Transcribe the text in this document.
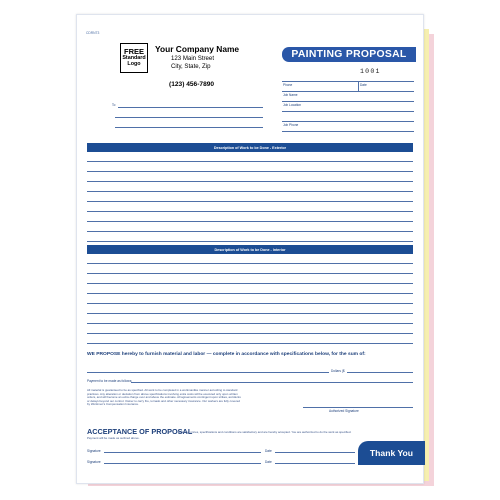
CDRNT3
FREE
Standard
Logo
Your Company Name
123 Main Street
City, State, Zip
(123) 456-7890
PAINTING PROPOSAL
1001
To
Phone	Date
Job Name
Job Location
Job Phone
Description of Work to be Done - Exterior
Description of Work to be Done - Interior
WE PROPOSE hereby to furnish material and labor — complete in accordance with specifications below, for the sum of:
Dollars ($
Payment to be made as follows:
All material is guaranteed to be as specified. All work to be completed in a workmanlike manner according to standard practices. Any alteration or deviation from above specifications involving extra costs will be executed only upon written orders, and will become an extra charge over and above the estimate. All agreements contingent upon strikes, accidents or delays beyond our control. Owner to carry fire, tornado and other necessary insurance. Our workers are fully covered by Workmen's Compensation Insurance.
Authorized Signature
ACCEPTANCE OF PROPOSAL
The above prices, specifications and conditions are satisfactory and are hereby accepted. You are authorized to do the work as specified.
Payment will be made as outlined above.
Signature	Date
Signature	Date
Thank You
